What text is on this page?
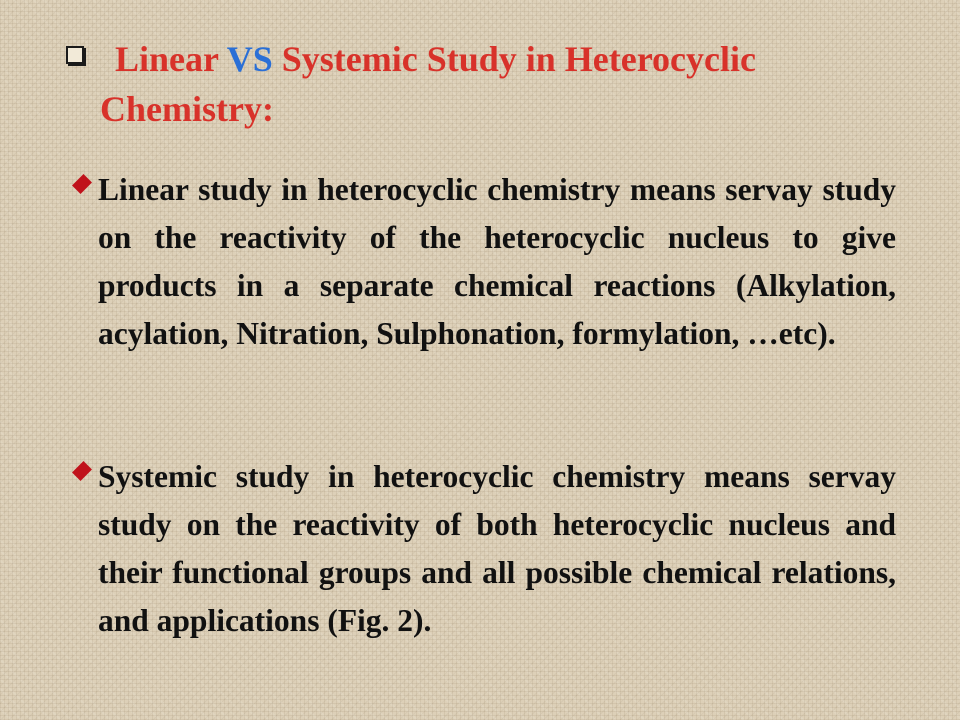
Linear VS Systemic Study in Heterocyclic
Chemistry:
Linear study in heterocyclic chemistry means servay study on the reactivity of the heterocyclic nucleus to give products in a separate chemical reactions (Alkylation, acylation, Nitration, Sulphonation, formylation, …etc).
Systemic study in heterocyclic chemistry means servay study on the reactivity of both heterocyclic nucleus and their functional groups and all possible chemical relations, and applications (Fig. 2).
